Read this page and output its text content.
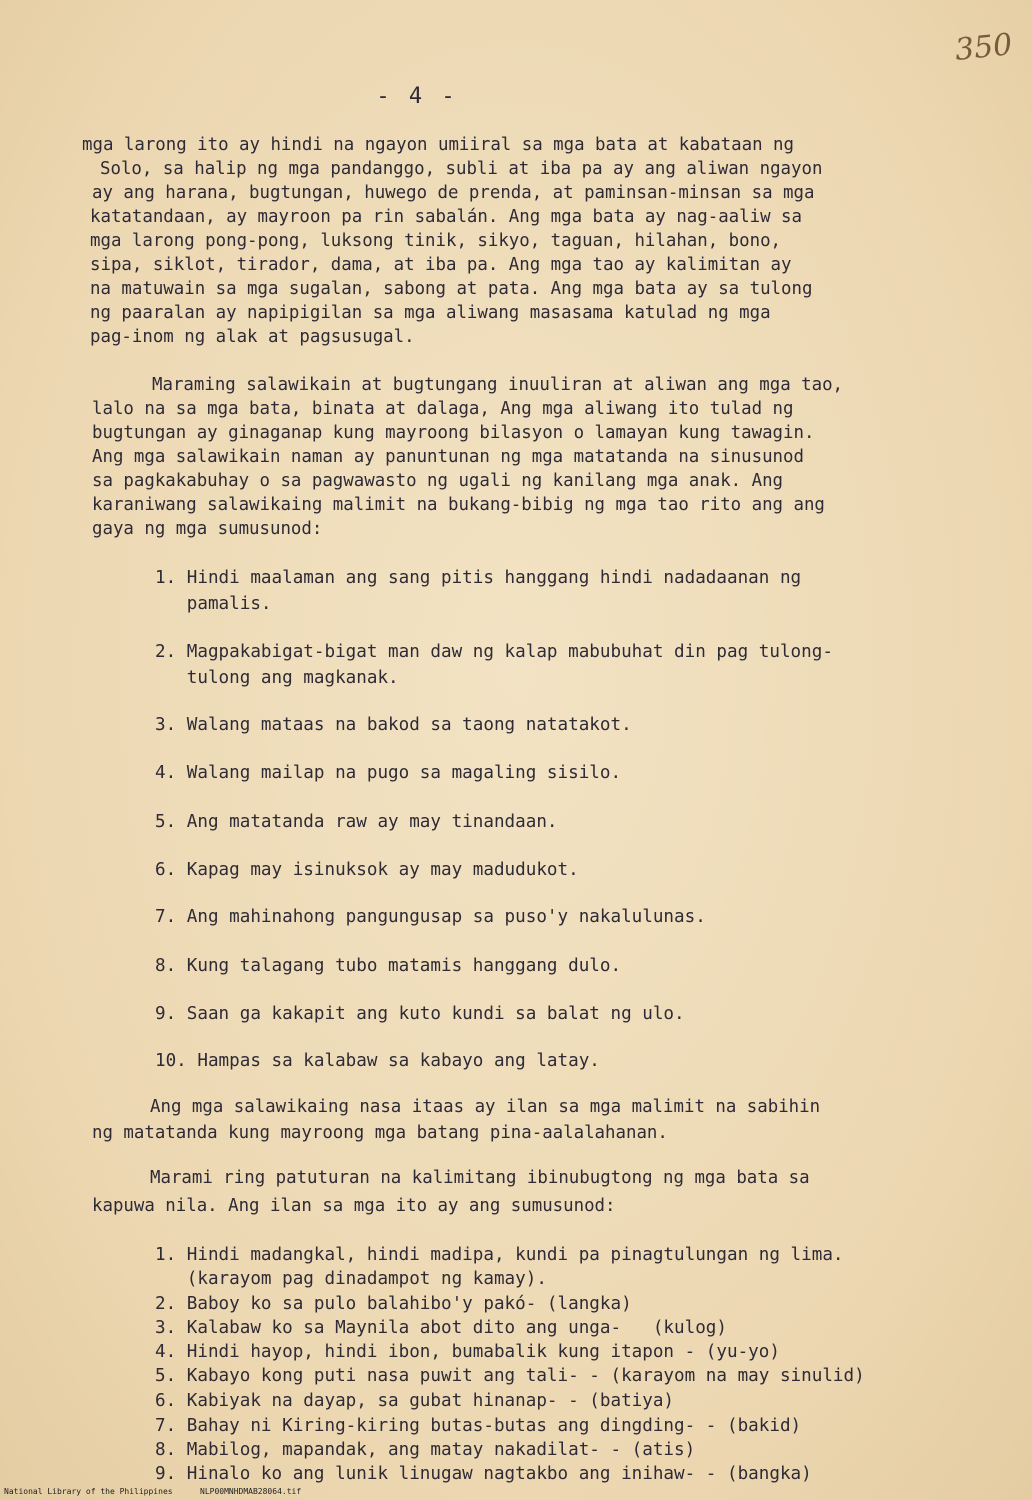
350
- 4 -
mga larong ito ay hindi na ngayon umiiral sa mga bata at kabataan ng
Solo, sa halip ng mga pandanggo, subli at iba pa ay ang aliwan ngayon
ay ang harana, bugtungan, huwego de prenda, at paminsan-minsan sa mga
katatandaan, ay mayroon pa rin sabalán. Ang mga bata ay nag-aaliw sa
mga larong pong-pong, luksong tinik, sikyo, taguan, hilahan, bono,
sipa, siklot, tirador, dama, at iba pa. Ang mga tao ay kalimitan ay
na matuwain sa mga sugalan, sabong at pata. Ang mga bata ay sa tulong
ng paaralan ay napipigilan sa mga aliwang masasama katulad ng mga
pag-inom ng alak at pagsusugal.
Maraming salawikain at bugtungang inuuliran at aliwan ang mga tao,
lalo na sa mga bata, binata at dalaga, Ang mga aliwang ito tulad ng
bugtungan ay ginaganap kung mayroong bilasyon o lamayan kung tawagin.
Ang mga salawikain naman ay panuntunan ng mga matatanda na sinusunod
sa pagkakabuhay o sa pagwawasto ng ugali ng kanilang mga anak. Ang
karaniwang salawikaing malimit na bukang-bibig ng mga tao rito ang ang
gaya ng mga sumusunod:
1. Hindi maalaman ang sang pitis hanggang hindi nadadaanan ng
pamalis.
2. Magpakabigat-bigat man daw ng kalap mabubuhat din pag tulong-
tulong ang magkanak.
3. Walang mataas na bakod sa taong natatakot.
4. Walang mailap na pugo sa magaling sisilo.
5. Ang matatanda raw ay may tinandaan.
6. Kapag may isinuksok ay may madudukot.
7. Ang mahinahong pangungusap sa puso'y nakalulunas.
8. Kung talagang tubo matamis hanggang dulo.
9. Saan ga kakapit ang kuto kundi sa balat ng ulo.
10. Hampas sa kalabaw sa kabayo ang latay.
Ang mga salawikaing nasa itaas ay ilan sa mga malimit na sabihin
ng matatanda kung mayroong mga batang pina-aalalahanan.
Marami ring patuturan na kalimitang ibinubugtong ng mga bata sa
kapuwa nila. Ang ilan sa mga ito ay ang sumusunod:
1. Hindi madangkal, hindi madipa, kundi pa pinagtulungan ng lima.
(karayom pag dinadampot ng kamay).
2. Baboy ko sa pulo balahibo'y pakó- (langka)
3. Kalabaw ko sa Maynila abot dito ang unga-   (kulog)
4. Hindi hayop, hindi ibon, bumabalik kung itapon - (yu-yo)
5. Kabayo kong puti nasa puwit ang tali- - (karayom na may sinulid)
6. Kabiyak na dayap, sa gubat hinanap- - (batiya)
7. Bahay ni Kiring-kiring butas-butas ang dingding- - (bakid)
8. Mabilog, mapandak, ang matay nakadilat- - (atis)
9. Hinalo ko ang lunik linugaw nagtakbo ang inihaw- - (bangka)
National Library of the Philippines	NLP00MNHDMAB28064.tif
